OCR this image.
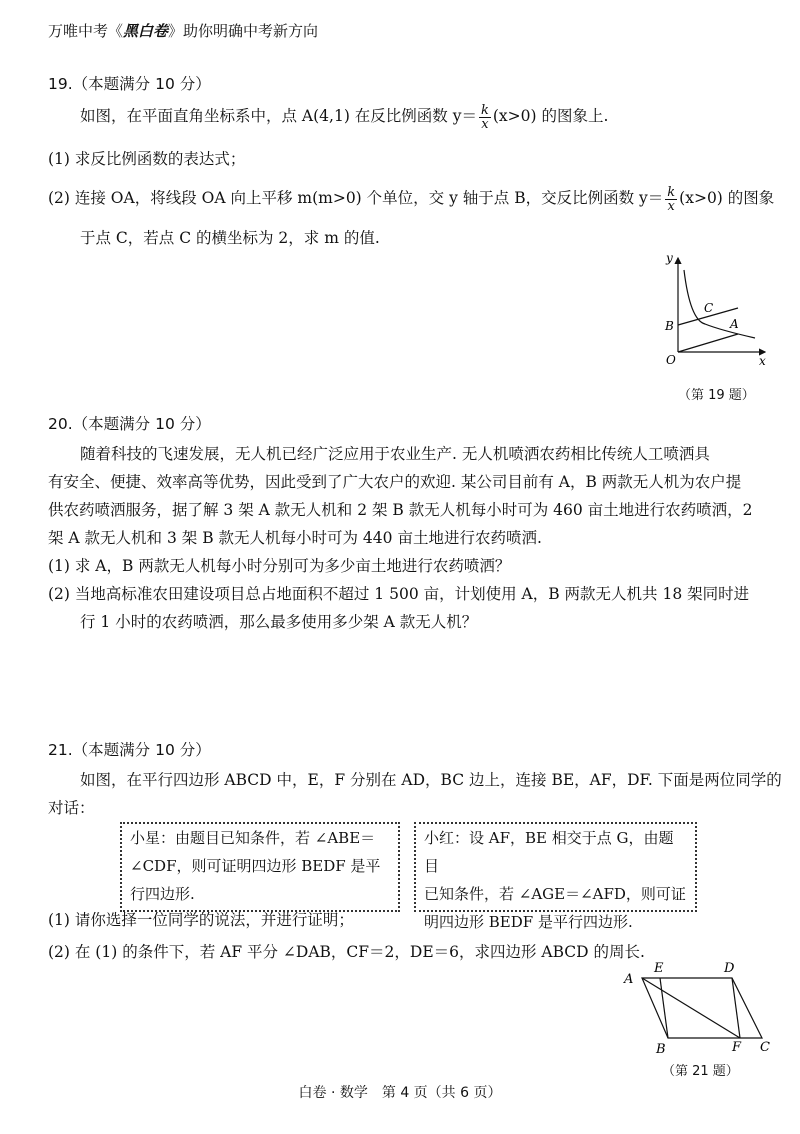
万唯中考《黑白卷》助你明确中考新方向
19.（本题满分 10 分）
如图，在平面直角坐标系中，点 A(4,1) 在反比例函数 $y= \frac{k}{x} (x>0)$ 的图象上.
(1) 求反比例函数的表达式；
(2) 连接 OA，将线段 OA 向上平移 m(m>0) 个单位，交 y 轴于点 B，交反比例函数 $y= \frac{k}{x} (x>0)$ 的图象
于点 C，若点 C 的横坐标为 2，求 m 的值.
y
x
O
B
C
A
（第 19 题）
20.（本题满分 10 分）
随着科技的飞速发展，无人机已经广泛应用于农业生产. 无人机喷洒农药相比传统人工喷洒具
有安全、便捷、效率高等优势，因此受到了广大农户的欢迎. 某公司目前有 A，B 两款无人机为农户提
供农药喷洒服务，据了解 3 架 A 款无人机和 2 架 B 款无人机每小时可为 460 亩土地进行农药喷洒，2
架 A 款无人机和 3 架 B 款无人机每小时可为 440 亩土地进行农药喷洒.
(1) 求 A，B 两款无人机每小时分别可为多少亩土地进行农药喷洒？
(2) 当地高标准农田建设项目总占地面积不超过 1 500 亩，计划使用 A，B 两款无人机共 18 架同时进
行 1 小时的农药喷洒，那么最多使用多少架 A 款无人机？
21.（本题满分 10 分）
如图，在平行四边形 ABCD 中，E，F 分别在 AD，BC 边上，连接 BE，AF，DF. 下面是两位同学的
对话：
小星：由题目已知条件，若 ∠ABE＝
∠CDF，则可证明四边形 BEDF 是平
行四边形.
小红：设 AF，BE 相交于点 G，由题目
已知条件，若 ∠AGE＝∠AFD，则可证
明四边形 BEDF 是平行四边形.
(1) 请你选择一位同学的说法，并进行证明；
(2) 在 (1) 的条件下，若 AF 平分 ∠DAB，CF＝2，DE＝6，求四边形 ABCD 的周长.
A
E	D
B	F C
（第 21 题）
白卷 · 数学　第 4 页（共 6 页）
